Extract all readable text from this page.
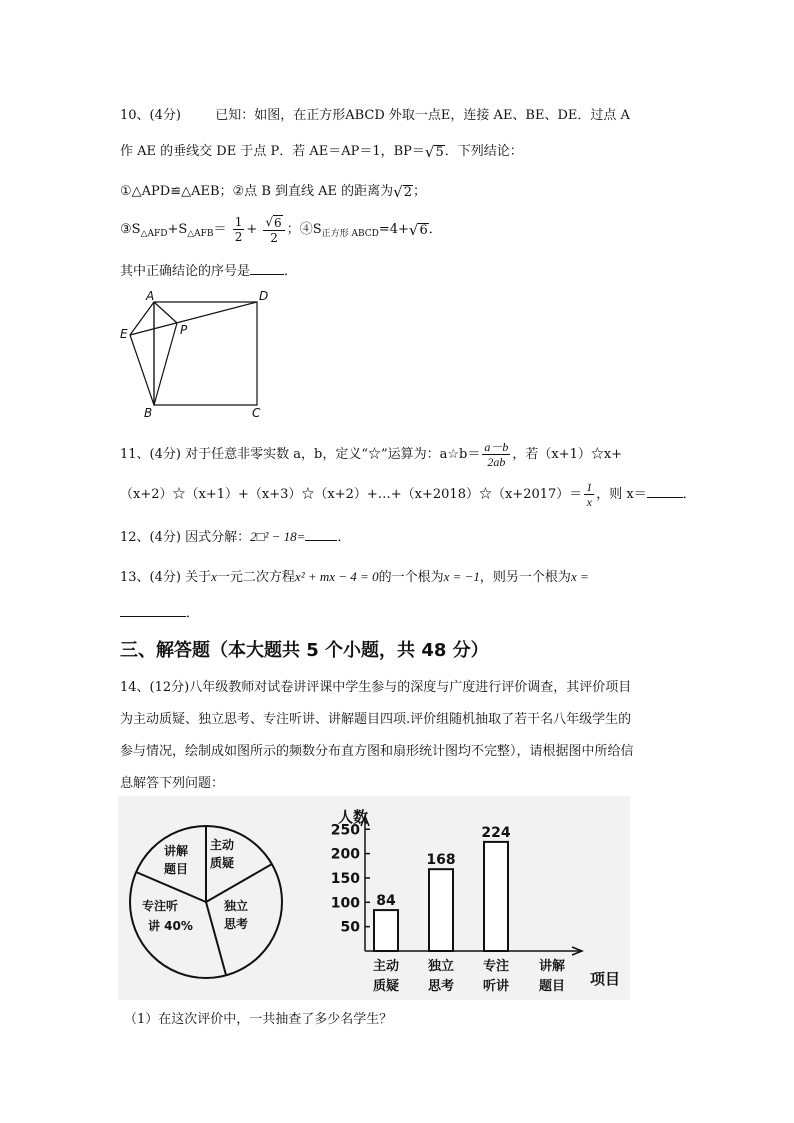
10、(4分)	已知：如图，在正方形ABCD 外取一点E，连接 AE、BE、DE．过点 A
作 AE 的垂线交 DE 于点 P．若 AE＝AP＝1，BP＝ √ 5 ．下列结论：
①△APD≌△AEB；②点 B 到直线 AE 的距离为 √ 2 ；
$③S_{\triangle AFD}+S_{\triangle AFB}= \frac{1}{2} + \frac{√ 6}{2}$ ；$④S_{正方形 ABCD}=4+$ √ 6 ．
其中正确结论的序号是	．
A	D
E	P
B	C
11、(4分) 对于任意非零实数 a，b，定义“☆”运算为：a☆b＝ $\frac{a-b}{2ab}$ ，若（x+1）☆x+
（x+2）☆（x+1）+（x+3）☆（x+2）+…+（x+2018）☆（x+2017）＝ $\frac{1}{x}$ ，则 x＝	．
12、(4分) 因式分解：2□² − 18= ．
13、(4分) 关于x一元二次方程x² + mx − 4 = 0的一个根为x = −1，则另一个根为x =
．
三、解答题（本大题共 5 个小题，共 48 分）
14、(12分)八年级教师对试卷讲评课中学生参与的深度与广度进行评价调查，其评价项目
为主动质疑、独立思考、专注听讲、讲解题目四项.评价组随机抽取了若干名八年级学生的
参与情况，绘制成如图所示的频数分布直方图和扇形统计图均不完整），请根据图中所给信
息解答下列问题：
主动
质疑
讲解
题目
专注听
讲 40%
独立
思考
人数
项目
50
100
150
200
250
84
168
224
主动
质疑
独立
思考
专注
听讲
讲解
题目
（1）在这次评价中，一共抽查了多少名学生？
